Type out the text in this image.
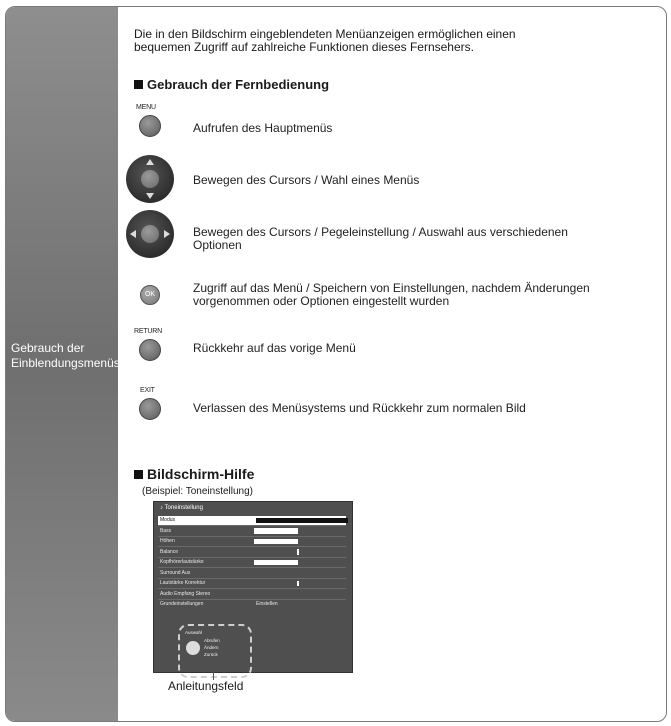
Gebrauch der
Einblendungsmenüs
Die in den Bildschirm eingeblendeten Menüanzeigen ermöglichen einen
bequemen Zugriff auf zahlreiche Funktionen dieses Fernsehers.
Gebrauch der Fernbedienung
MENU
Aufrufen des Hauptmenüs
Bewegen des Cursors / Wahl eines Menüs
Bewegen des Cursors / Pegeleinstellung / Auswahl aus verschiedenen
Optionen
OK	Zugriff auf das Menü / Speichern von Einstellungen, nachdem Änderungen
vorgenommen oder Optionen eingestellt wurden
RETURN
Rückkehr auf das vorige Menü
EXIT
Verlassen des Menüsystems und Rückkehr zum normalen Bild
Bildschirm-Hilfe
(Beispiel: Toneinstellung)
♪ Toneinstellung
Modus
Bass
Höhen
Balance
Kopfhörerlautstärke
Surround Aus
Lautstärke Korrektur
Audio Empfang Stereo
Grundeinstellungen	Einstellen
Auswahl
Abrufen
Ändern
Zurück
Anleitungsfeld
